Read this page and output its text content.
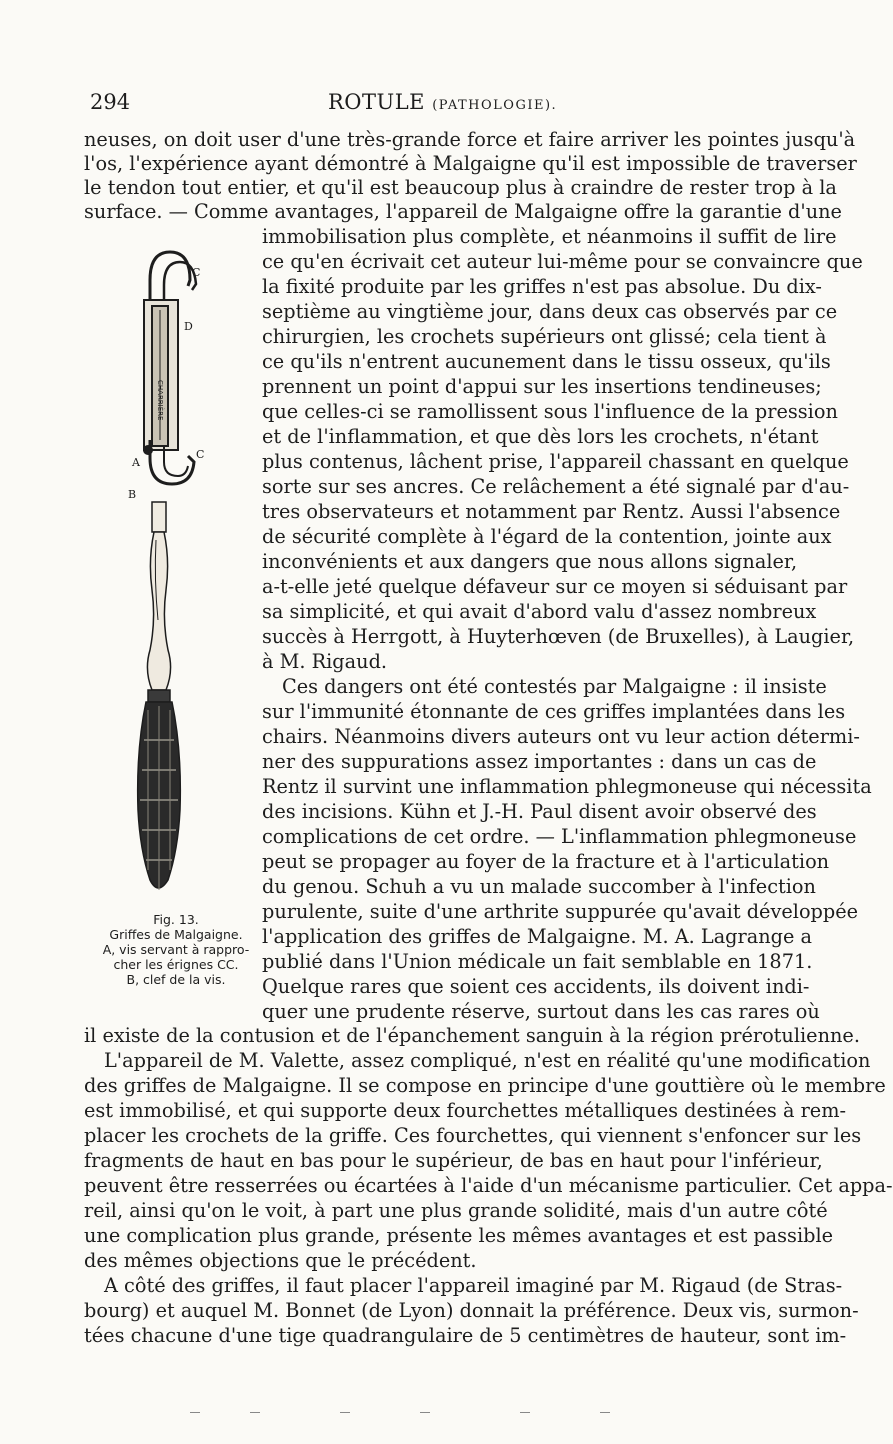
294	ROTULE (PATHOLOGIE).
neuses, on doit user d'une très-grande force et faire arriver les pointes jusqu'à
l'os, l'expérience ayant démontré à Malgaigne qu'il est impossible de traverser
le tendon tout entier, et qu'il est beaucoup plus à craindre de rester trop à la
surface. — Comme avantages, l'appareil de Malgaigne offre la garantie d'une
immobilisation plus complète, et néanmoins il suffit de lire
ce qu'en écrivait cet auteur lui-même pour se convaincre que
la fixité produite par les griffes n'est pas absolue. Du dix-
septième au vingtième jour, dans deux cas observés par ce
chirurgien, les crochets supérieurs ont glissé; cela tient à
ce qu'ils n'entrent aucunement dans le tissu osseux, qu'ils
prennent un point d'appui sur les insertions tendineuses;
que celles-ci se ramollissent sous l'influence de la pression
et de l'inflammation, et que dès lors les crochets, n'étant
plus contenus, lâchent prise, l'appareil chassant en quelque
sorte sur ses ancres. Ce relâchement a été signalé par d'au-
tres observateurs et notamment par Rentz. Aussi l'absence
de sécurité complète à l'égard de la contention, jointe aux
inconvénients et aux dangers que nous allons signaler,
a-t-elle jeté quelque défaveur sur ce moyen si séduisant par
sa simplicité, et qui avait d'abord valu d'assez nombreux
succès à Herrgott, à Huyterhœven (de Bruxelles), à Laugier,
à M. Rigaud.
Ces dangers ont été contestés par Malgaigne : il insiste
sur l'immunité étonnante de ces griffes implantées dans les
chairs. Néanmoins divers auteurs ont vu leur action détermi-
ner des suppurations assez importantes : dans un cas de
Rentz il survint une inflammation phlegmoneuse qui nécessita
des incisions. Kühn et J.-H. Paul disent avoir observé des
complications de cet ordre. — L'inflammation phlegmoneuse
peut se propager au foyer de la fracture et à l'articulation
du genou. Schuh a vu un malade succomber à l'infection
purulente, suite d'une arthrite suppurée qu'avait développée
l'application des griffes de Malgaigne. M. A. Lagrange a
publié dans l'Union médicale un fait semblable en 1871.
Quelque rares que soient ces accidents, ils doivent indi-
quer une prudente réserve, surtout dans les cas rares où
il existe de la contusion et de l'épanchement sanguin à la région prérotulienne.
L'appareil de M. Valette, assez compliqué, n'est en réalité qu'une modification
des griffes de Malgaigne. Il se compose en principe d'une gouttière où le membre
est immobilisé, et qui supporte deux fourchettes métalliques destinées à rem-
placer les crochets de la griffe. Ces fourchettes, qui viennent s'enfoncer sur les
fragments de haut en bas pour le supérieur, de bas en haut pour l'inférieur,
peuvent être resserrées ou écartées à l'aide d'un mécanisme particulier. Cet appa-
reil, ainsi qu'on le voit, à part une plus grande solidité, mais d'un autre côté
une complication plus grande, présente les mêmes avantages et est passible
des mêmes objections que le précédent.
A côté des griffes, il faut placer l'appareil imaginé par M. Rigaud (de Stras-
bourg) et auquel M. Bonnet (de Lyon) donnait la préférence. Deux vis, surmon-
tées chacune d'une tige quadrangulaire de 5 centimètres de hauteur, sont im-
CHARRIÈRE
C
D
A
C
B
Fig. 13.
Griffes de Malgaigne.
A, vis servant à rappro-
cher les érignes CC.
B, clef de la vis.
